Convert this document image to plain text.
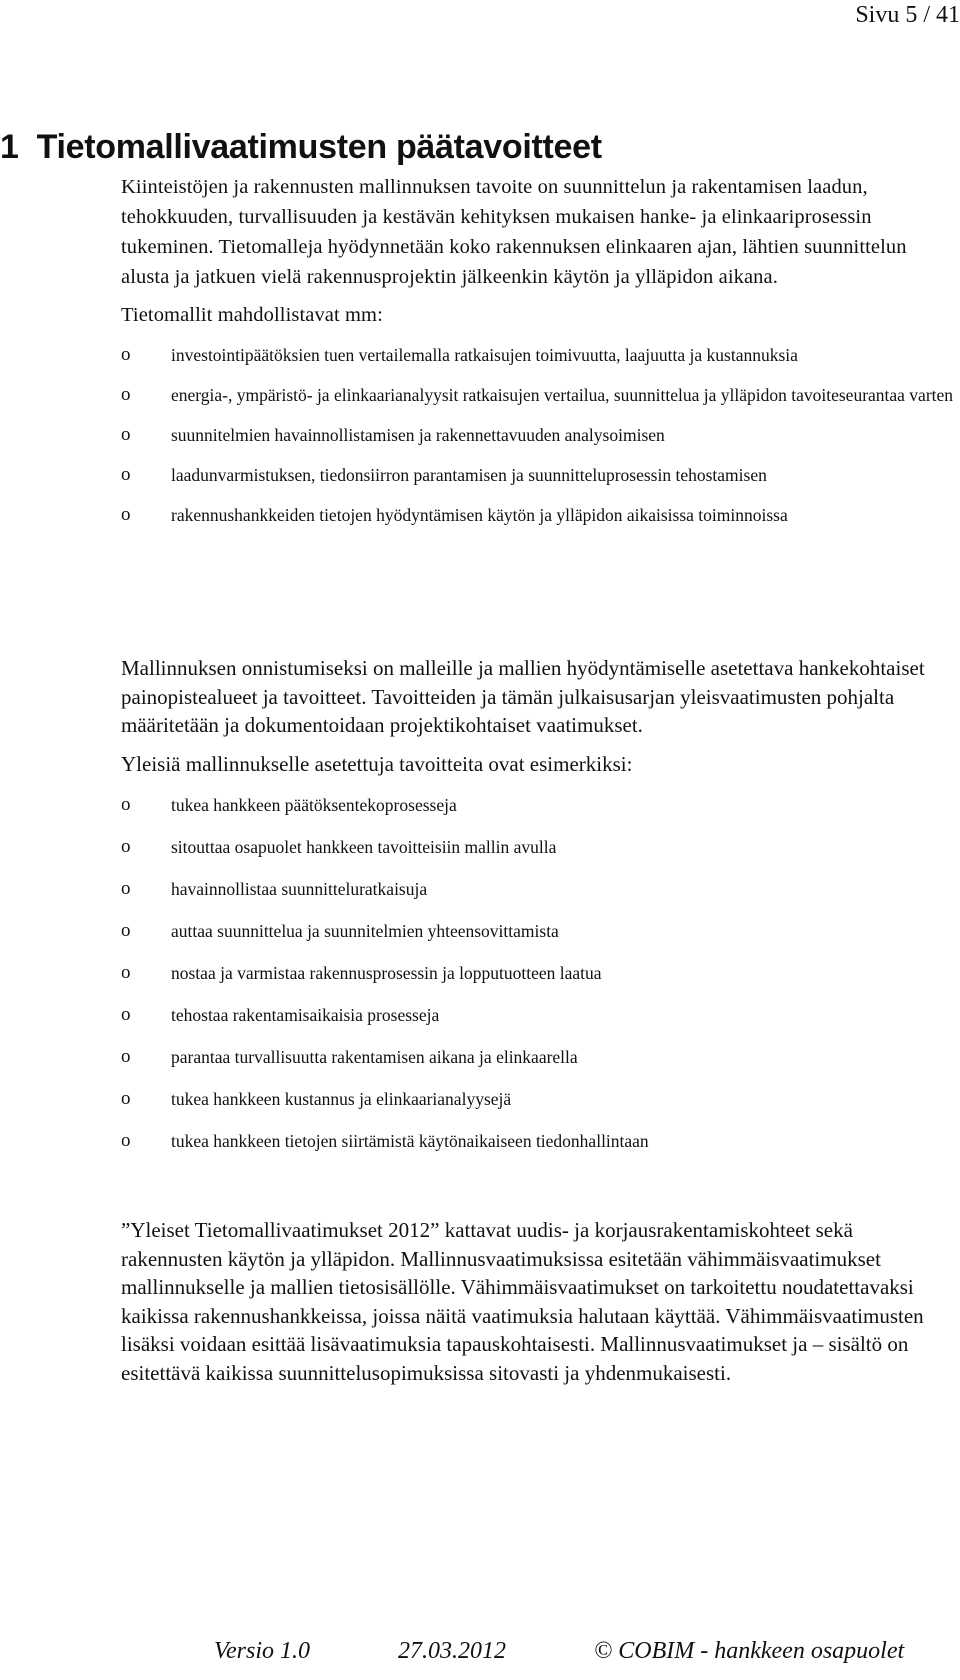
Sivu 5 / 41
1 Tietomallivaatimusten päätavoitteet

Kiinteistöjen ja rakennusten mallinnuksen tavoite on suunnittelun ja rakentamisen laadun, tehokkuuden, turvallisuuden ja kestävän kehityksen mukaisen hanke- ja elinkaariprosessin tukeminen. Tietomalleja hyödynnetään koko rakennuksen elinkaaren ajan, lähtien suunnittelun alusta ja jatkuen vielä rakennusprojektin jälkeenkin käytön ja ylläpidon aikana.

Tietomallit mahdollistavat mm:

o investointipäätöksien tuen vertailemalla ratkaisujen toimivuutta, laajuutta ja kustannuksia
o energia-, ympäristö- ja elinkaarianalyysit ratkaisujen vertailua, suunnittelua ja ylläpidon tavoiteseurantaa varten
o suunnitelmien havainnollistamisen ja rakennettavuuden analysoimisen
o laadunvarmistuksen, tiedonsiirron parantamisen ja suunnitteluprosessin tehostamisen
o rakennushankkeiden tietojen hyödyntämisen käytön ja ylläpidon aikaisissa toiminnoissa

Mallinnuksen onnistumiseksi on malleille ja mallien hyödyntämiselle asetettava hankekohtaiset painopistealueet ja tavoitteet. Tavoitteiden ja tämän julkaisusarjan yleisvaatimusten pohjalta määritetään ja dokumentoidaan projektikohtaiset vaatimukset.

Yleisiä mallinnukselle asetettuja tavoitteita ovat esimerkiksi:

o tukea hankkeen päätöksentekoprosesseja
o sitouttaa osapuolet hankkeen tavoitteisiin mallin avulla
o havainnollistaa suunnitteluratkaisuja
o auttaa suunnittelua ja suunnitelmien yhteensovittamista
o nostaa ja varmistaa rakennusprosessin ja lopputuotteen laatua
o tehostaa rakentamisaikaisia prosesseja
o parantaa turvallisuutta rakentamisen aikana ja elinkaarella
o tukea hankkeen kustannus ja elinkaarianalyysejä
o tukea hankkeen tietojen siirtämistä käytönaikaiseen tiedonhallintaan

”Yleiset Tietomallivaatimukset 2012” kattavat uudis- ja korjausrakentamiskohteet sekä rakennusten käytön ja ylläpidon. Mallinnusvaatimuksissa esitetään vähimmäisvaatimukset mallinnukselle ja mallien tietosisällölle. Vähimmäisvaatimukset on tarkoitettu noudatettavaksi kaikissa rakennushankkeissa, joissa näitä vaatimuksia halutaan käyttää. Vähimmäisvaatimusten lisäksi voidaan esittää lisävaatimuksia tapauskohtaisesti. Mallinnusvaatimukset ja – sisältö on esitettävä kaikissa suunnittelusopimuksissa sitovasti ja yhdenmukaisesti.

Versio 1.0	27.03.2012	© COBIM - hankkeen osapuolet
